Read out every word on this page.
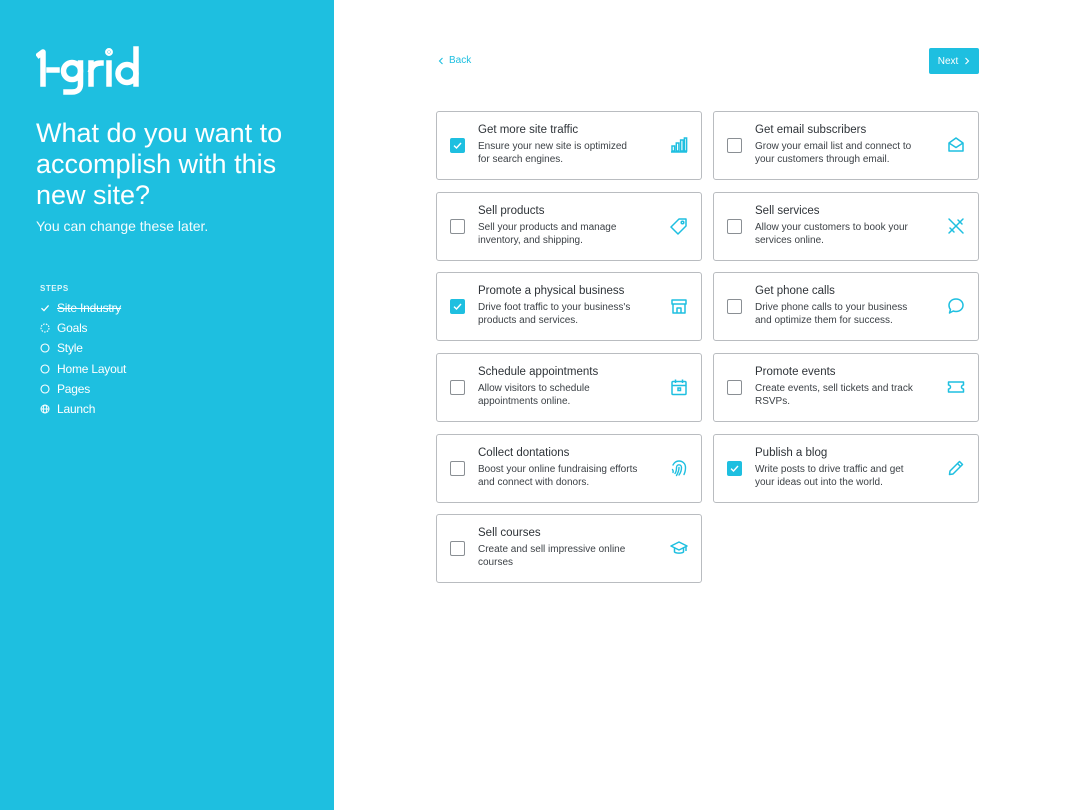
What do you want to accomplish with this new site?

You can change these later.

STEPS
Site Industry
Goals
Style
Home Layout
Pages
Launch
Back	Next
Get more site traffic
Ensure your new site is optimized for search engines.
Get email subscribers
Grow your email list and connect to your customers through email.
Sell products
Sell your products and manage inventory, and shipping.
Sell services
Allow your customers to book your services online.
Promote a physical business
Drive foot traffic to your business's products and services.
Get phone calls
Drive phone calls to your business and optimize them for success.
Schedule appointments
Allow visitors to schedule appointments online.
Promote events
Create events, sell tickets and track RSVPs.
Collect dontations
Boost your online fundraising efforts and connect with donors.
Publish a blog
Write posts to drive traffic and get your ideas out into the world.
Sell courses
Create and sell impressive online courses
